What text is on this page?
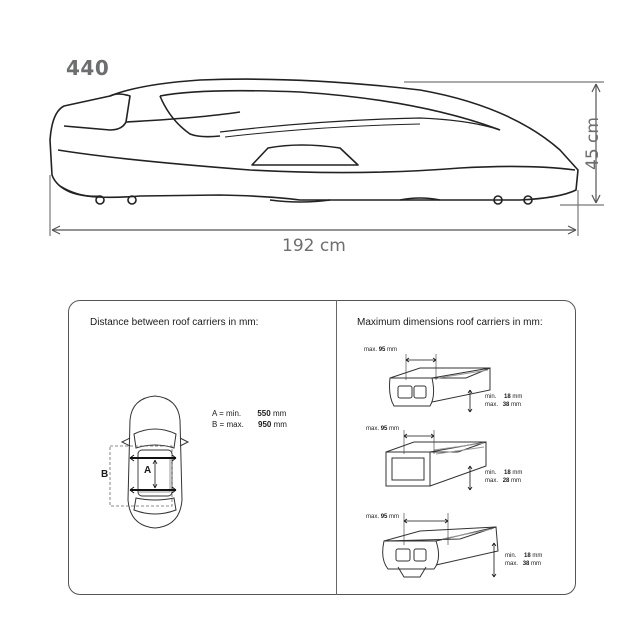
440
192 cm
45 cm
Distance between roof carriers in mm:
A
B
A = min. 550 mm
B = max. 950 mm
Maximum dimensions roof carriers in mm:
max. 95 mm
min. 18 mm
max. 38 mm
max. 95 mm
min. 18 mm
max. 28 mm
max. 95 mm
min. 18 mm
max. 38 mm
